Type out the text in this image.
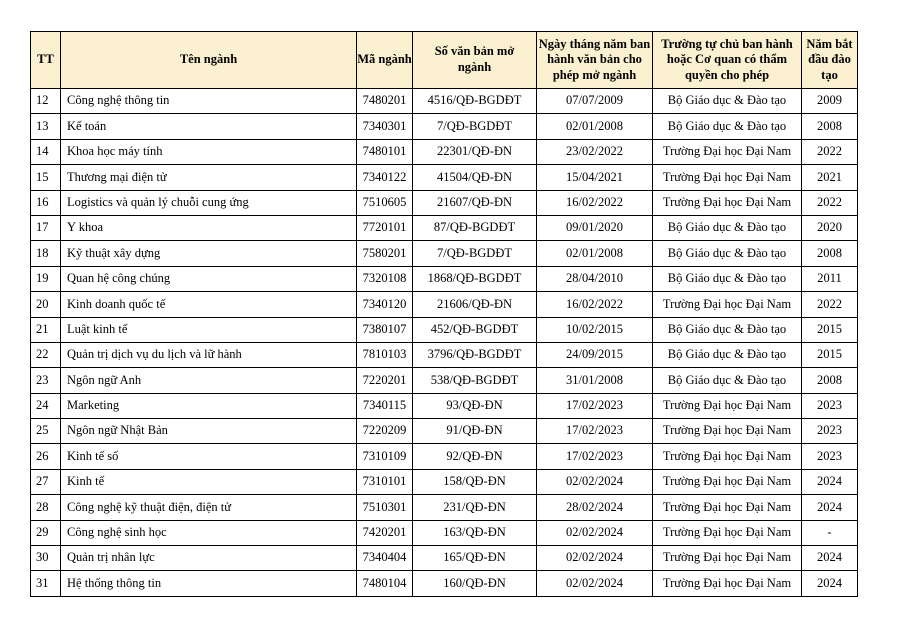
TT	Tên ngành	Mã ngành	Số văn bản mở ngành	Ngày tháng năm ban hành văn bản cho phép mở ngành	Trường tự chủ ban hành hoặc Cơ quan có thẩm quyền cho phép	Năm bắt đầu đào tạo
12	Công nghệ thông tin	7480201	4516/QĐ-BGDĐT	07/07/2009	Bộ Giáo dục & Đào tạo	2009
13	Kế toán	7340301	7/QĐ-BGDĐT	02/01/2008	Bộ Giáo dục & Đào tạo	2008
14	Khoa học máy tính	7480101	22301/QĐ-ĐN	23/02/2022	Trường Đại học Đại Nam	2022
15	Thương mại điện tử	7340122	41504/QĐ-ĐN	15/04/2021	Trường Đại học Đại Nam	2021
16	Logistics và quản lý chuỗi cung ứng	7510605	21607/QĐ-ĐN	16/02/2022	Trường Đại học Đại Nam	2022
17	Y khoa	7720101	87/QĐ-BGDĐT	09/01/2020	Bộ Giáo dục & Đào tạo	2020
18	Kỹ thuật xây dựng	7580201	7/QĐ-BGDĐT	02/01/2008	Bộ Giáo dục & Đào tạo	2008
19	Quan hệ công chúng	7320108	1868/QĐ-BGDĐT	28/04/2010	Bộ Giáo dục & Đào tạo	2011
20	Kinh doanh quốc tế	7340120	21606/QĐ-ĐN	16/02/2022	Trường Đại học Đại Nam	2022
21	Luật kinh tế	7380107	452/QĐ-BGDĐT	10/02/2015	Bộ Giáo dục & Đào tạo	2015
22	Quản trị dịch vụ du lịch và lữ hành	7810103	3796/QĐ-BGDĐT	24/09/2015	Bộ Giáo dục & Đào tạo	2015
23	Ngôn ngữ Anh	7220201	538/QĐ-BGDĐT	31/01/2008	Bộ Giáo dục & Đào tạo	2008
24	Marketing	7340115	93/QĐ-ĐN	17/02/2023	Trường Đại học Đại Nam	2023
25	Ngôn ngữ Nhật Bản	7220209	91/QĐ-ĐN	17/02/2023	Trường Đại học Đại Nam	2023
26	Kinh tế số	7310109	92/QĐ-ĐN	17/02/2023	Trường Đại học Đại Nam	2023
27	Kinh tế	7310101	158/QĐ-ĐN	02/02/2024	Trường Đại học Đại Nam	2024
28	Công nghệ kỹ thuật điện, điện tử	7510301	231/QĐ-ĐN	28/02/2024	Trường Đại học Đại Nam	2024
29	Công nghệ sinh học	7420201	163/QĐ-ĐN	02/02/2024	Trường Đại học Đại Nam	-
30	Quản trị nhân lực	7340404	165/QĐ-ĐN	02/02/2024	Trường Đại học Đại Nam	2024
31	Hệ thống thông tin	7480104	160/QĐ-ĐN	02/02/2024	Trường Đại học Đại Nam	2024
